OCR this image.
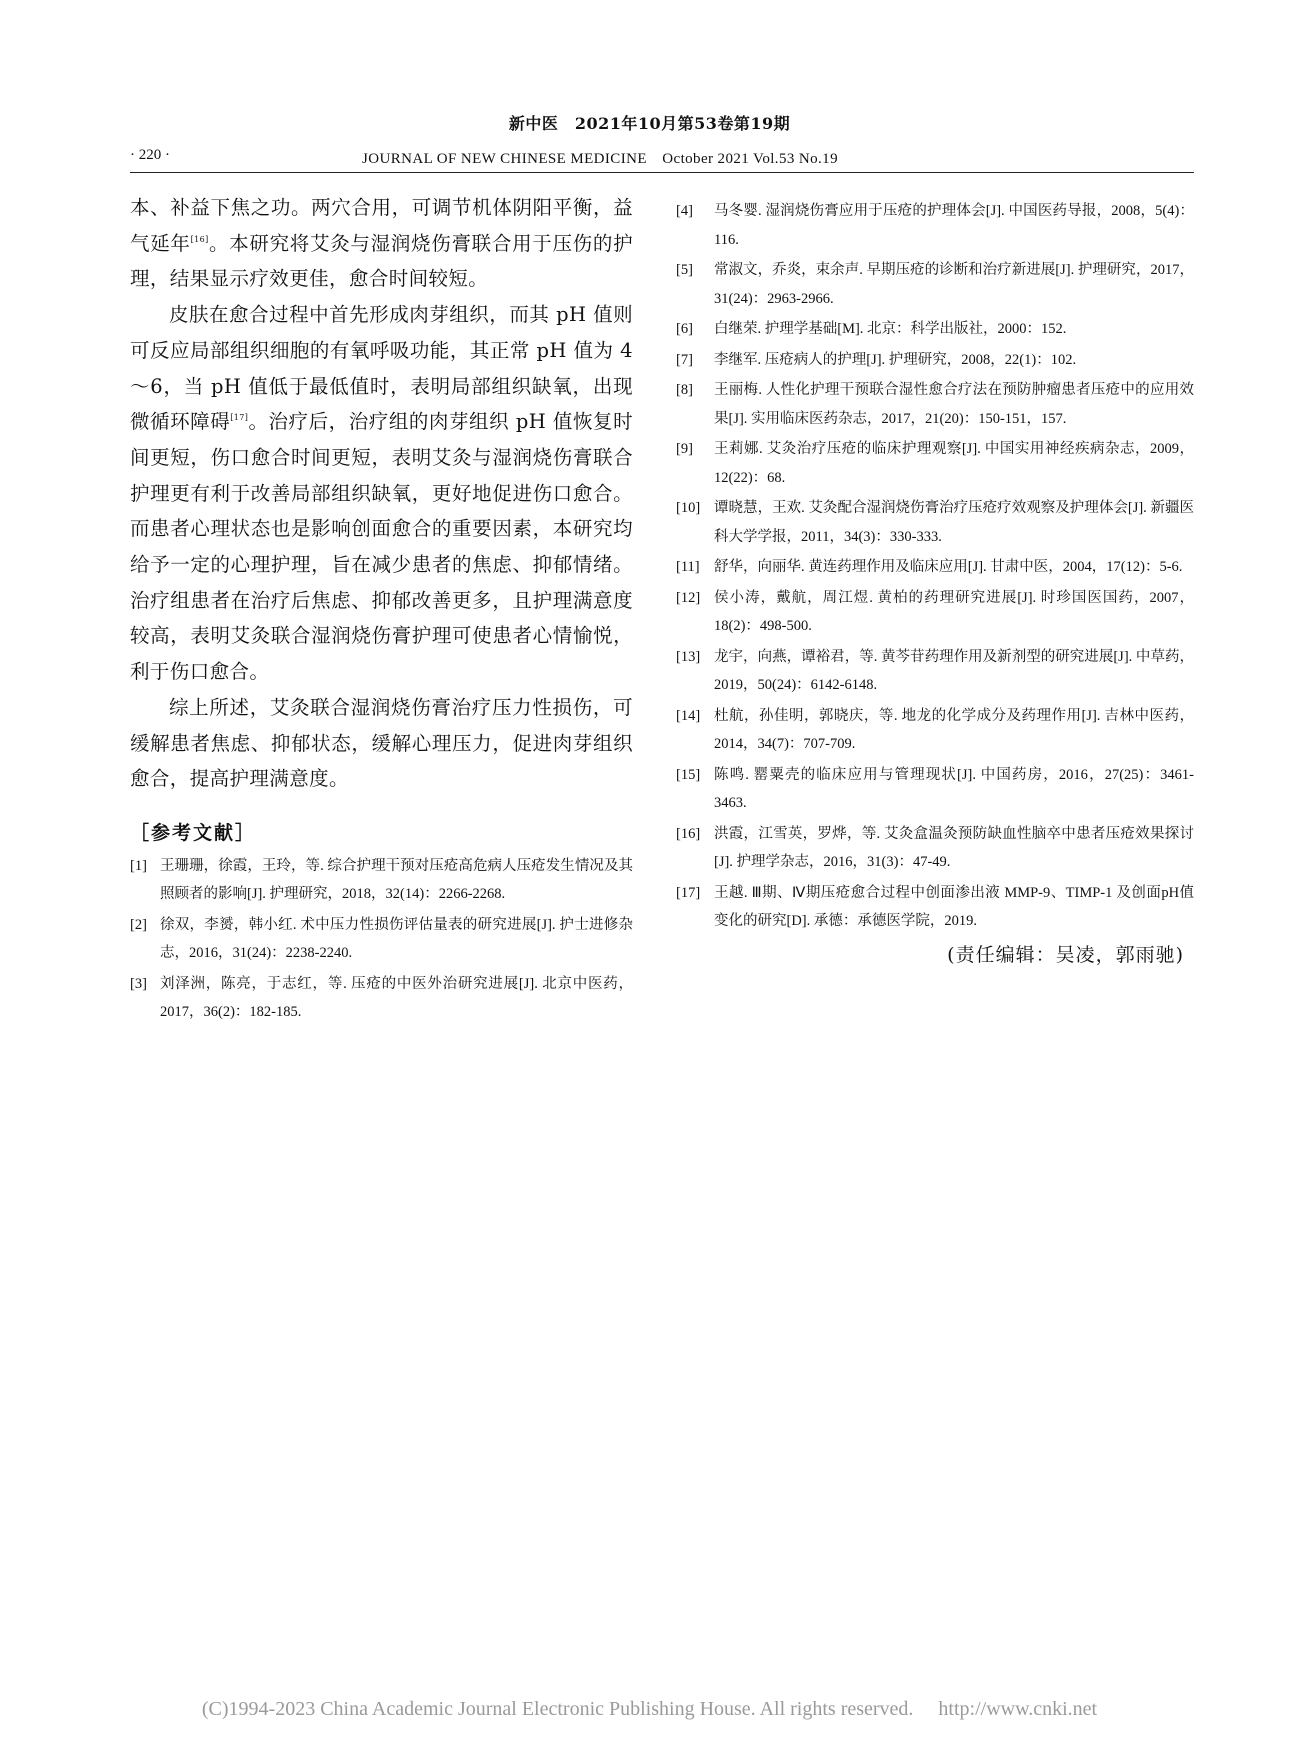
新中医　2021年10月第53卷第19期
· 220 ·	JOURNAL OF NEW CHINESE MEDICINE　October 2021 Vol.53 No.19

本、补益下焦之功。两穴合用，可调节机体阴阳平衡，益气延年[16]。本研究将艾灸与湿润烧伤膏联合用于压伤的护理，结果显示疗效更佳，愈合时间较短。

皮肤在愈合过程中首先形成肉芽组织，而其 pH 值则可反应局部组织细胞的有氧呼吸功能，其正常 pH 值为 4～6，当 pH 值低于最低值时，表明局部组织缺氧，出现微循环障碍[17]。治疗后，治疗组的肉芽组织 pH 值恢复时间更短，伤口愈合时间更短，表明艾灸与湿润烧伤膏联合护理更有利于改善局部组织缺氧，更好地促进伤口愈合。而患者心理状态也是影响创面愈合的重要因素，本研究均给予一定的心理护理，旨在减少患者的焦虑、抑郁情绪。治疗组患者在治疗后焦虑、抑郁改善更多，且护理满意度较高，表明艾灸联合湿润烧伤膏护理可使患者心情愉悦，利于伤口愈合。

综上所述，艾灸联合湿润烧伤膏治疗压力性损伤，可缓解患者焦虑、抑郁状态，缓解心理压力，促进肉芽组织愈合，提高护理满意度。

［参考文献］
[1] 王珊珊，徐霞，王玲，等. 综合护理干预对压疮高危病人压疮发生情况及其照顾者的影响[J]. 护理研究，2018，32(14)：2266-2268.
[2] 徐双，李赟，韩小红. 术中压力性损伤评估量表的研究进展[J]. 护士进修杂志，2016，31(24)：2238-2240.
[3] 刘泽洲，陈亮，于志红，等. 压疮的中医外治研究进展[J]. 北京中医药，2017，36(2)：182-185.
[4] 马冬婴. 湿润烧伤膏应用于压疮的护理体会[J]. 中国医药导报，2008，5(4)：116.
[5] 常淑文，乔炎，束余声. 早期压疮的诊断和治疗新进展[J]. 护理研究，2017，31(24)：2963-2966.
[6] 白继荣. 护理学基础[M]. 北京：科学出版社，2000：152.
[7] 李继军. 压疮病人的护理[J]. 护理研究，2008，22(1)：102.
[8] 王丽梅. 人性化护理干预联合湿性愈合疗法在预防肿瘤患者压疮中的应用效果[J]. 实用临床医药杂志，2017，21(20)：150-151，157.
[9] 王莉娜. 艾灸治疗压疮的临床护理观察[J]. 中国实用神经疾病杂志，2009，12(22)：68.
[10] 谭晓慧，王欢. 艾灸配合湿润烧伤膏治疗压疮疗效观察及护理体会[J]. 新疆医科大学学报，2011，34(3)：330-333.
[11] 舒华，向丽华. 黄连药理作用及临床应用[J]. 甘肃中医，2004，17(12)：5-6.
[12] 侯小涛，戴航，周江煜. 黄柏的药理研究进展[J]. 时珍国医国药，2007，18(2)：498-500.
[13] 龙宇，向燕，谭裕君，等. 黄芩苷药理作用及新剂型的研究进展[J]. 中草药，2019，50(24)：6142-6148.
[14] 杜航，孙佳明，郭晓庆，等. 地龙的化学成分及药理作用[J]. 吉林中医药，2014，34(7)：707-709.
[15] 陈鸣. 罂粟壳的临床应用与管理现状[J]. 中国药房，2016，27(25)：3461-3463.
[16] 洪霞，江雪英，罗烨，等. 艾灸盒温灸预防缺血性脑卒中患者压疮效果探讨[J]. 护理学杂志，2016，31(3)：47-49.
[17] 王越. Ⅲ期、Ⅳ期压疮愈合过程中创面渗出液 MMP-9、TIMP-1 及创面pH值变化的研究[D]. 承德：承德医学院，2019.
(责任编辑：吴凌，郭雨驰)
(C)1994-2023 China Academic Journal Electronic Publishing House. All rights reserved.　 http://www.cnki.net
